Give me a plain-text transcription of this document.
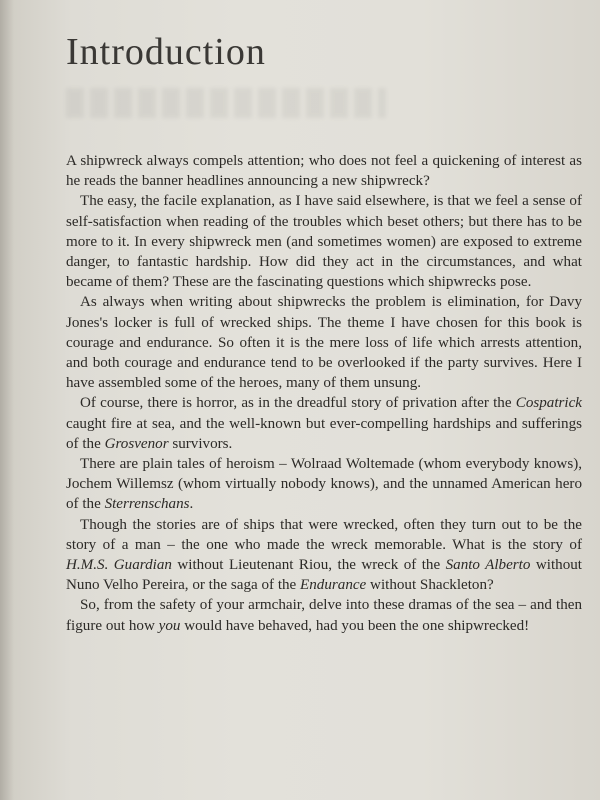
Introduction

A shipwreck always compels attention; who does not feel a quickening of interest as he reads the banner headlines announcing a new shipwreck?

The easy, the facile explanation, as I have said elsewhere, is that we feel a sense of self-satisfaction when reading of the troubles which beset others; but there has to be more to it. In every shipwreck men (and sometimes women) are exposed to extreme danger, to fantastic hardship. How did they act in the circumstances, and what became of them? These are the fascinating questions which shipwrecks pose.

As always when writing about shipwrecks the problem is elimination, for Davy Jones's locker is full of wrecked ships. The theme I have chosen for this book is courage and endurance. So often it is the mere loss of life which arrests attention, and both courage and endurance tend to be overlooked if the party survives. Here I have assembled some of the heroes, many of them unsung.

Of course, there is horror, as in the dreadful story of privation after the Cospatrick caught fire at sea, and the well-known but ever-compelling hardships and sufferings of the Grosvenor survivors.

There are plain tales of heroism – Wolraad Woltemade (whom everybody knows), Jochem Willemsz (whom virtually nobody knows), and the unnamed American hero of the Sterrenschans.

Though the stories are of ships that were wrecked, often they turn out to be the story of a man – the one who made the wreck memorable. What is the story of H.M.S. Guardian without Lieutenant Riou, the wreck of the Santo Alberto without Nuno Velho Pereira, or the saga of the Endurance without Shackleton?

So, from the safety of your armchair, delve into these dramas of the sea – and then figure out how you would have behaved, had you been the one shipwrecked!
